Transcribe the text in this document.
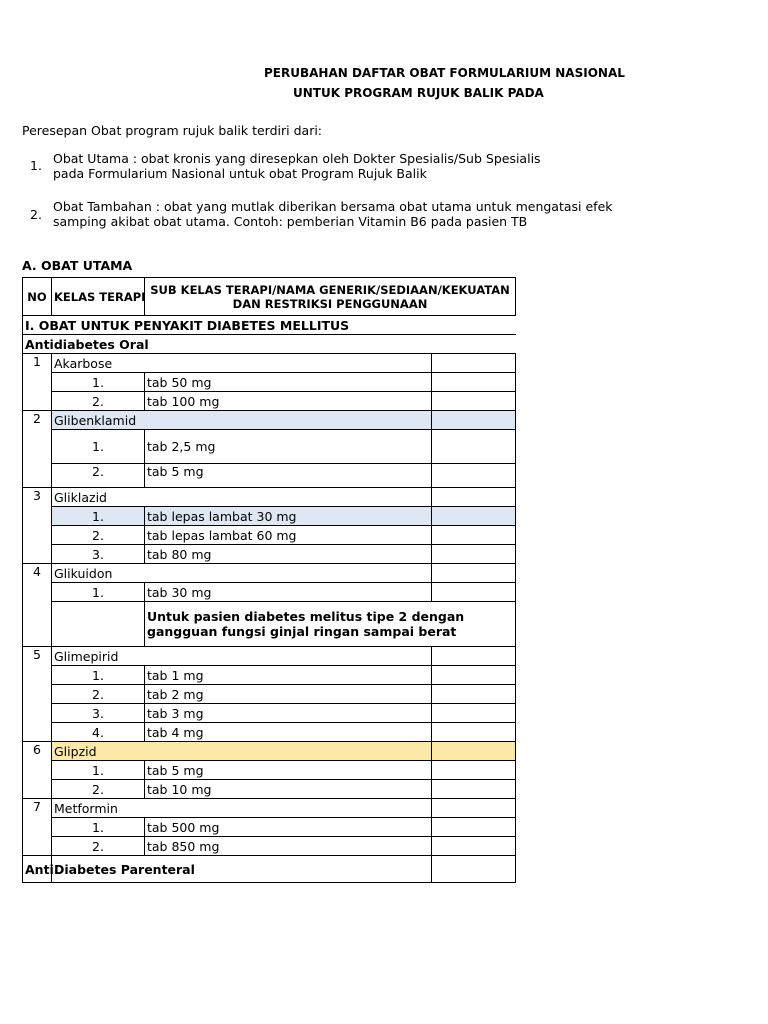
PERUBAHAN DAFTAR OBAT FORMULARIUM NASIONAL
UNTUK PROGRAM RUJUK BALIK PADA
Peresepan Obat program rujuk balik terdiri dari:
1. Obat Utama : obat kronis yang diresepkan oleh Dokter Spesialis/Sub Spesialis
pada Formularium Nasional untuk obat Program Rujuk Balik
2.
Obat Tambahan : obat yang mutlak diberikan bersama obat utama untuk mengatasi efek
samping akibat obat utama. Contoh: pemberian Vitamin B6 pada pasien TB
A. OBAT UTAMA
NO	KELAS TERAPI	SUB KELAS TERAPI/NAMA GENERIK/SEDIAAN/KEKUATAN DAN RESTRIKSI PENGGUNAAN	
I. OBAT UNTUK PENYAKIT DIABETES MELLITUS			
Antidiabetes Oral			
1	Akarbose		
	1.	tab 50 mg	
	2.	tab 100 mg	
2	Glibenklamid		
	1.	tab 2,5 mg	
	2.	tab 5 mg	
3	Gliklazid		
	1.	tab lepas lambat 30 mg	
	2.	tab lepas lambat 60 mg	
	3.	tab 80 mg	
4	Glikuidon		
	1.	tab 30 mg	
		Untuk pasien diabetes melitus tipe 2 dengan gangguan fungsi ginjal ringan sampai berat	
5	Glimepirid		
	1.	tab 1 mg	
	2.	tab 2 mg	
	3.	tab 3 mg	
	4.	tab 4 mg	
6	Glipzid		
	1.	tab 5 mg	
	2.	tab 10 mg	
7	Metformin		
	1.	tab 500 mg	
	2.	tab 850 mg	
Anti	Diabetes Parenteral		
